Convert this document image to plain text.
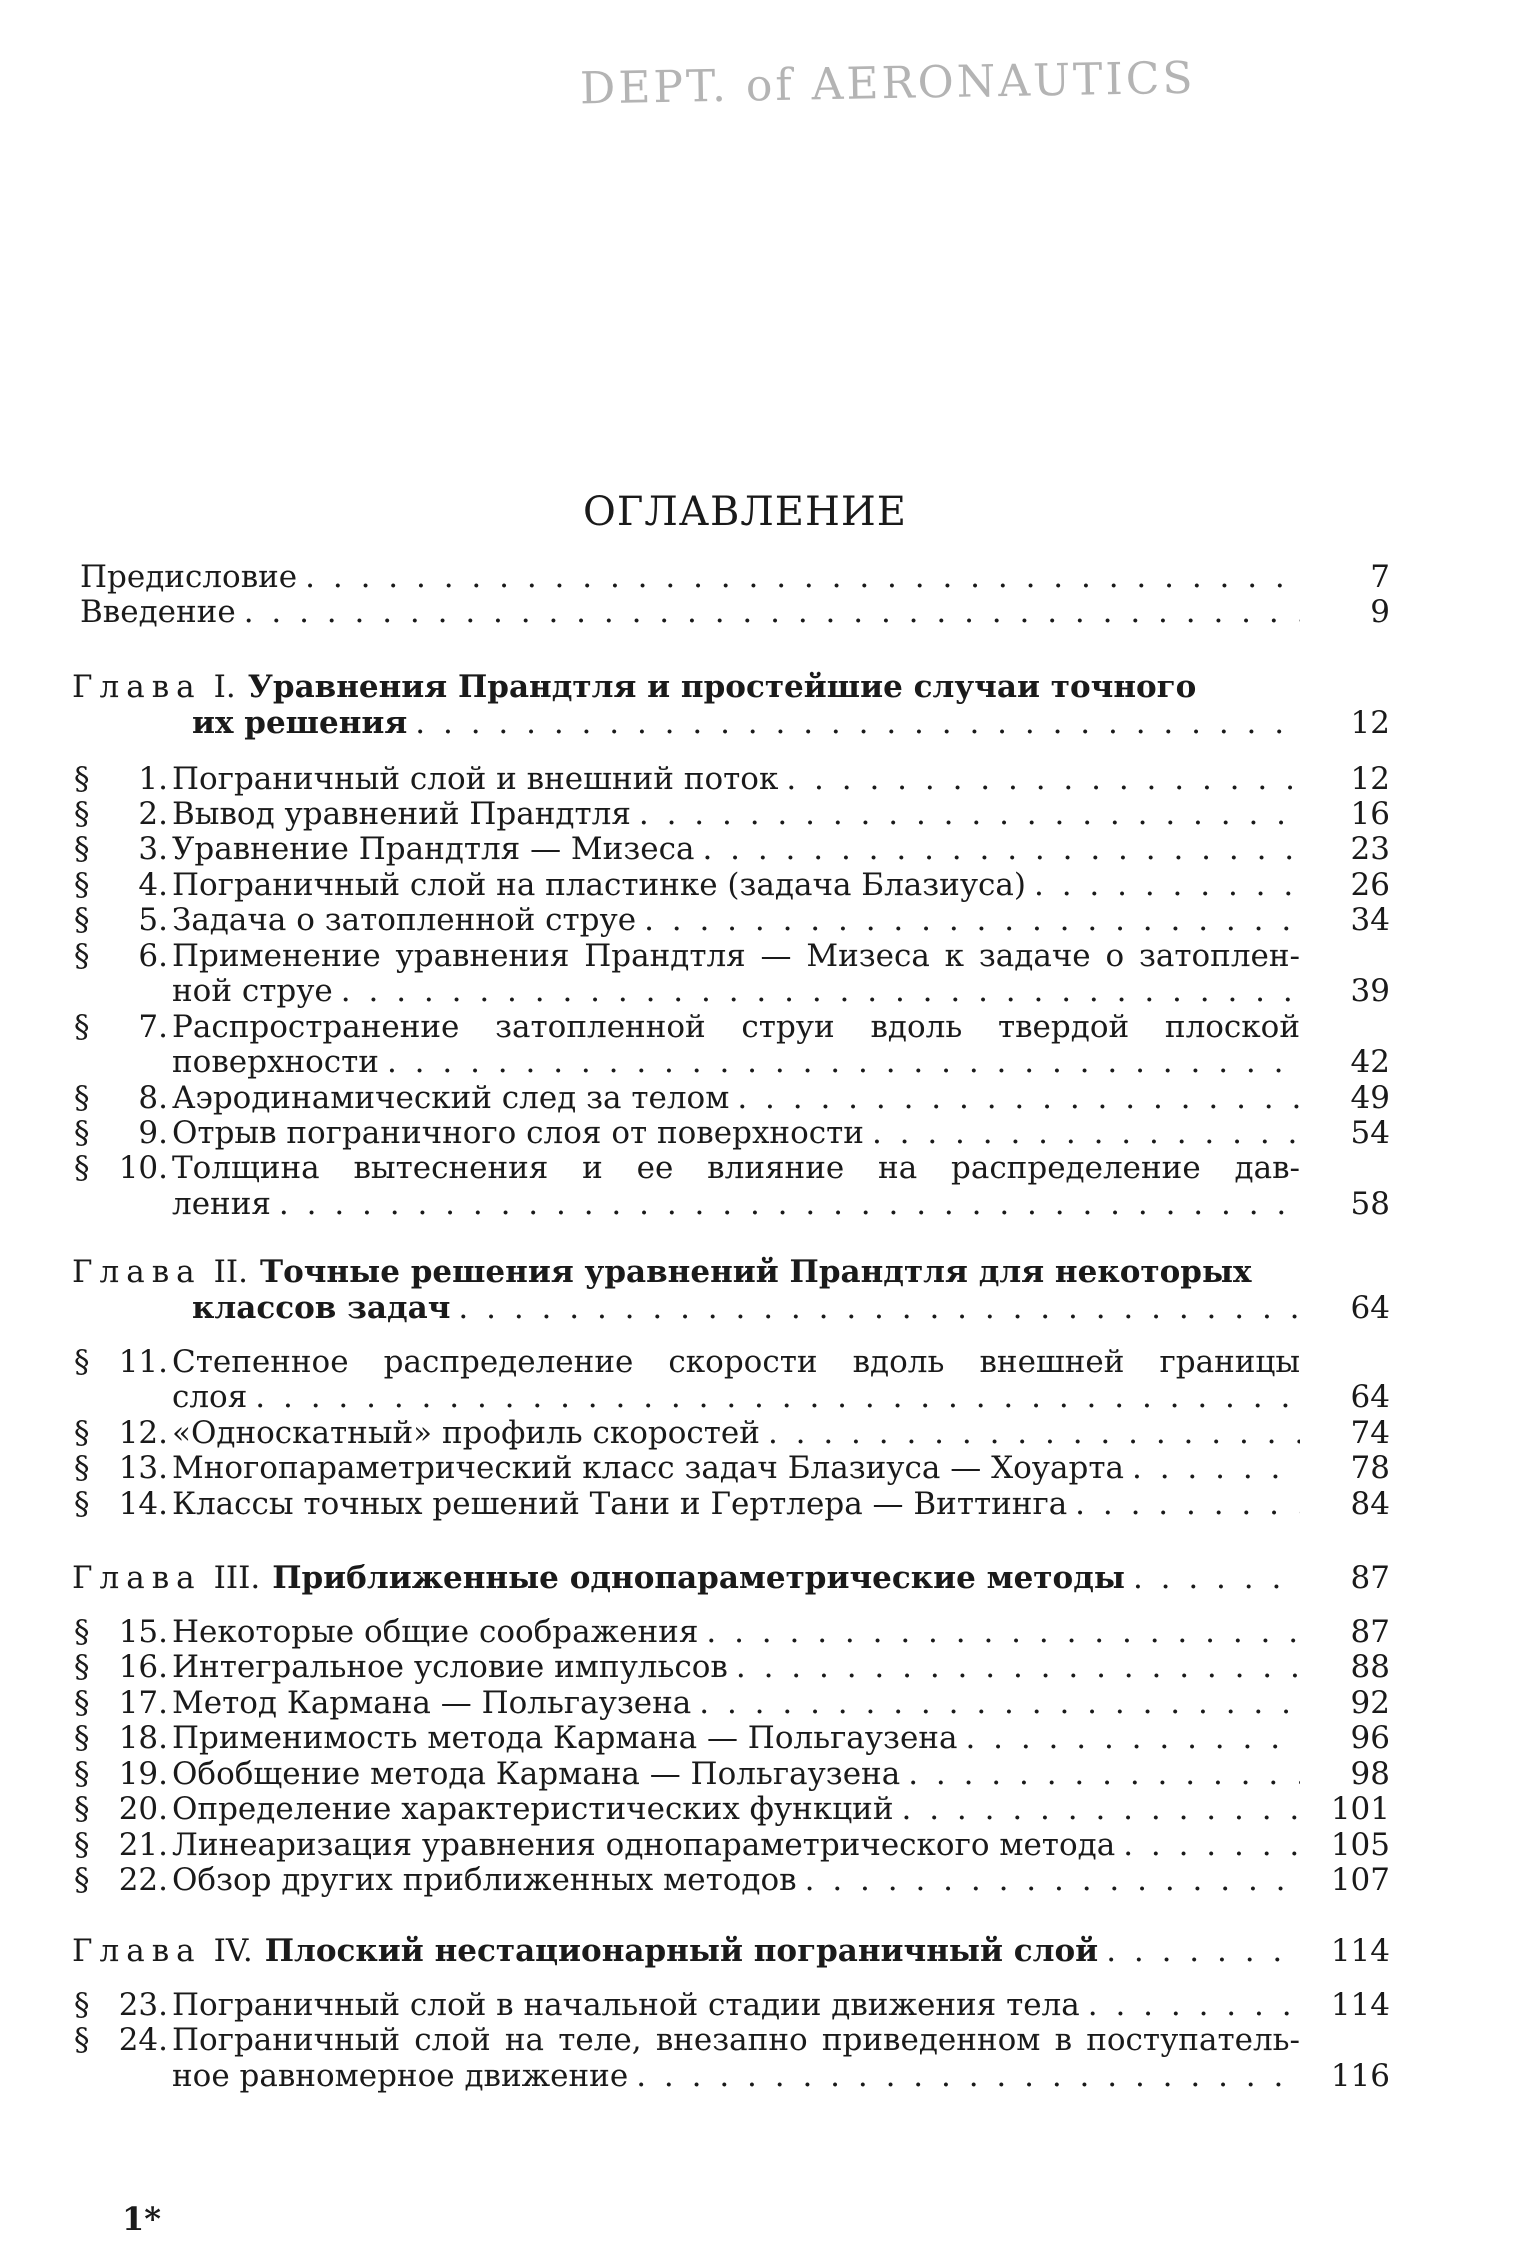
DEPT. of AERONAUTICS
ОГЛАВЛЕНИЕ
Предисловие . . .	7
Введение . . .	9
Глава I. Уравнения Прандтля и простейшие случаи точного
их решения . . .	12
§	1. Пограничный слой и внешний поток . . .	12
§	2. Вывод уравнений Прандтля . . .	16
§	3. Уравнение Прандтля — Мизеса . . .	23
§	4. Пограничный слой на пластинке (задача Блазиуса) . . .	26
§	5. Задача о затопленной струе . . .	34
§	6. Применение уравнения Прандтля — Мизеса к задаче о затоплен-
ной струе . . .	39
§	7. Распространение затопленной струи вдоль твердой плоской
поверхности . . .	42
§	8. Аэродинамический след за телом . . .	49
§	9. Отрыв пограничного слоя от поверхности . . .	54
§ 10. Толщина вытеснения и ее влияние на распределение дав-
ления . . .	58
Глава II. Точные решения уравнений Прандтля для некоторых
классов задач . . .	64
§ 11. Степенное распределение скорости вдоль внешней границы
слоя . . .	64
§ 12. «Односкатный» профиль скоростей . . .	74
§ 13. Многопараметрический класс задач Блазиуса — Хоуарта . . .	78
§ 14. Классы точных решений Тани и Гертлера — Виттинга . . .	84
Глава III. Приближенные однопараметрические методы . . .	87
§ 15. Некоторые общие соображения . . .	87
§ 16. Интегральное условие импульсов . . .	88
§ 17. Метод Кармана — Польгаузена . . .	92
§ 18. Применимость метода Кармана — Польгаузена . . .	96
§ 19. Обобщение метода Кармана — Польгаузена . . .	98
§ 20. Определение характеристических функций . . .	101
§ 21. Линеаризация уравнения однопараметрического метода . . .	105
§ 22. Обзор других приближенных методов . . .	107
Глава IV. Плоский нестационарный пограничный слой . . .	114
§ 23. Пограничный слой в начальной стадии движения тела . . .	114
§ 24. Пограничный слой на теле, внезапно приведенном в поступатель-
ное равномерное движение . . .	116
1*
